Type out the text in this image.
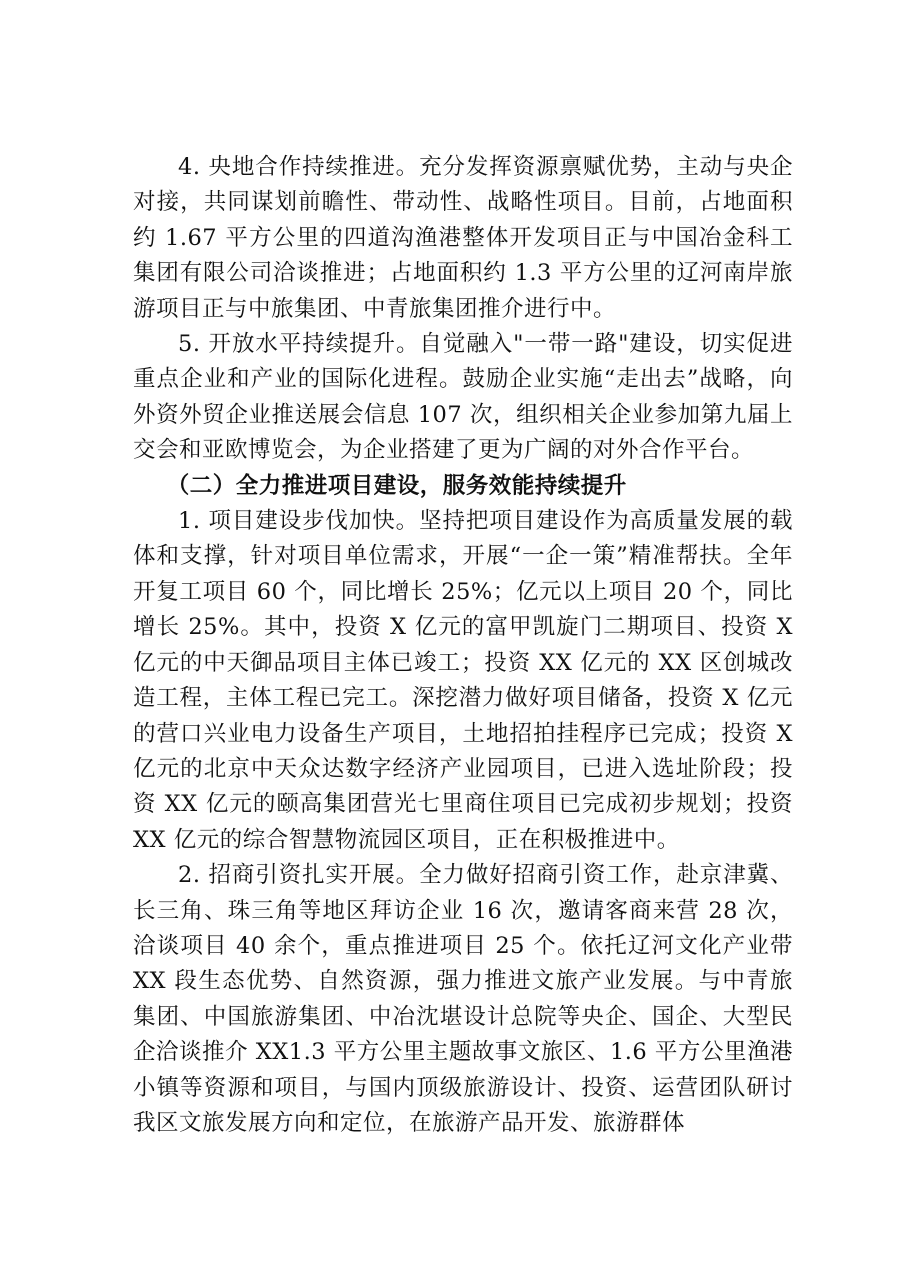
4. 央地合作持续推进。充分发挥资源禀赋优势，主动与央企对接，共同谋划前瞻性、带动性、战略性项目。目前，占地面积约 1.67 平方公里的四道沟渔港整体开发项目正与中国冶金科工集团有限公司洽谈推进；占地面积约 1.3 平方公里的辽河南岸旅游项目正与中旅集团、中青旅集团推介进行中。

5. 开放水平持续提升。自觉融入"一带一路"建设，切实促进重点企业和产业的国际化进程。鼓励企业实施“走出去”战略，向外资外贸企业推送展会信息 107 次，组织相关企业参加第九届上交会和亚欧博览会，为企业搭建了更为广阔的对外合作平台。

（二）全力推进项目建设，服务效能持续提升

1. 项目建设步伐加快。坚持把项目建设作为高质量发展的载体和支撑，针对项目单位需求，开展“一企一策”精准帮扶。全年开复工项目 60 个，同比增长 25%；亿元以上项目 20 个，同比增长 25%。其中，投资 X 亿元的富甲凯旋门二期项目、投资 X 亿元的中天御品项目主体已竣工；投资 XX 亿元的 XX 区创城改造工程，主体工程已完工。深挖潜力做好项目储备，投资 X 亿元的营口兴业电力设备生产项目，土地招拍挂程序已完成；投资 X 亿元的北京中天众达数字经济产业园项目，已进入选址阶段；投资 XX 亿元的颐高集团营光七里商住项目已完成初步规划；投资 XX 亿元的综合智慧物流园区项目，正在积极推进中。

2. 招商引资扎实开展。全力做好招商引资工作，赴京津冀、长三角、珠三角等地区拜访企业 16 次，邀请客商来营 28 次，洽谈项目 40 余个，重点推进项目 25 个。依托辽河文化产业带 XX 段生态优势、自然资源，强力推进文旅产业发展。与中青旅集团、中国旅游集团、中冶沈堪设计总院等央企、国企、大型民企洽谈推介 XX1.3 平方公里主题故事文旅区、1.6 平方公里渔港小镇等资源和项目，与国内顶级旅游设计、投资、运营团队研讨我区文旅发展方向和定位，在旅游产品开发、旅游群体
